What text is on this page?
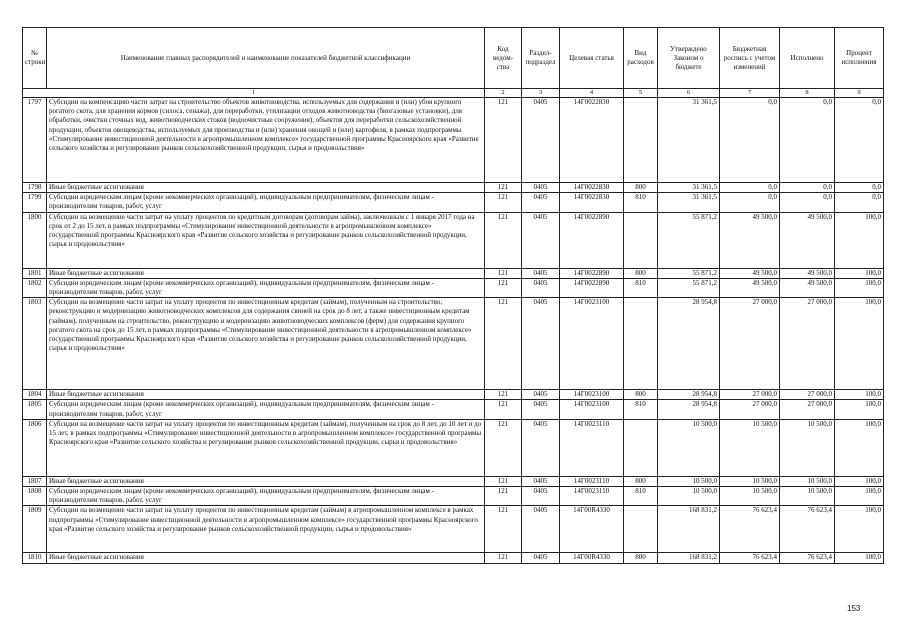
№ строки	Наименование главных распорядителей и наименование показателей бюджетной классификации	Код ведом-ства	Раздел-подраздел	Целевая статья	Вид расходов	Утверждено Законом о бюджете	Бюджетная роспись с учетом изменений	Исполнено	Процент исполнения
1		2	3	4	5	6	7	8	9
1797	Субсидии на компенсацию части затрат на строительство объектов животноводства, используемых для содержания и (или) убоя крупного рогатого скота, для хранения кормов (силоса, сенажа), для переработки, утилизации отходов животноводства (биогазовые установки), для обработки, очистки сточных вод, животноводческих стоков (водоочистные сооружения), объектов для переработки сельскохозяйственной продукции, объектов овощеводства, используемых для производства и (или) хранения овощей и (или) картофеля, в рамках подпрограммы «Стимулирование инвестиционной деятельности в агропромышленном комплексе» государственной программы Красноярского края «Развитие сельского хозяйства и регулирование рынков сельскохозяйственной продукции, сырья и продовольствия»	121	0405	14Г0022830		31 361,5	0,0	0,0	0,0
1798	Иные бюджетные ассигнования	121	0405	14Г0022830	800	31 361,5	0,0	0,0	0,0
1799	Субсидии юридическим лицам (кроме некоммерческих организаций), индивидуальным предпринимателям, физическим лицам - производителям товаров, работ, услуг	121	0405	14Г0022830	810	31 361,5	0,0	0,0	0,0
1800	Субсидии на возмещение части затрат на уплату процентов по кредитным договорам (договорам займа), заключенным с 1 января 2017 года на срок от 2 до 15 лет, в рамках подпрограммы «Стимулирование инвестиционной деятельности в агропромышленном комплексе» государственной программы Красноярского края «Развитие сельского хозяйства и регулирование рынков сельскохозяйственной продукции, сырья и продовольствия»	121	0405	14Г0022890		55 871,2	49 500,0	49 500,0	100,0
1801	Иные бюджетные ассигнования	121	0405	14Г0022890	800	55 871,2	49 500,0	49 500,0	100,0
1802	Субсидии юридическим лицам (кроме некоммерческих организаций), индивидуальным предпринимателям, физическим лицам - производителям товаров, работ, услуг	121	0405	14Г0022890	810	55 871,2	49 500,0	49 500,0	100,0
1803	Субсидии на возмещение части затрат на уплату процентов по инвестиционным кредитам (займам), полученным на строительство, реконструкцию и модернизацию животноводческих комплексов для содержания свиней на срок до 8 лет, а также инвестиционным кредитам (займам), полученным на строительство, реконструкцию и модернизацию животноводческих комплексов (ферм) для содержания крупного рогатого скота на срок до 15 лет, в рамках подпрограммы «Стимулирование инвестиционной деятельности в агропромышленном комплексе» государственной программы Красноярского края «Развитие сельского хозяйства и регулирование рынков сельскохозяйственной продукции, сырья и продовольствия»	121	0405	14Г0023100		28 954,8	27 000,0	27 000,0	100,0
1804	Иные бюджетные ассигнования	121	0405	14Г0023100	800	28 954,8	27 000,0	27 000,0	100,0
1805	Субсидии юридическим лицам (кроме некоммерческих организаций), индивидуальным предпринимателям, физическим лицам - производителям товаров, работ, услуг	121	0405	14Г0023100	810	28 954,8	27 000,0	27 000,0	100,0
1806	Субсидии на возмещение части затрат на уплату процентов по инвестиционным кредитам (займам), полученным на срок до 8 лет, до 10 лет и до 15 лет, в рамках подпрограммы «Стимулирование инвестиционной деятельности в агропромышленном комплексе» государственной программы Красноярского края «Развитие сельского хозяйства и регулирование рынков сельскохозяйственной продукции, сырья и продовольствия»	121	0405	14Г0023110		10 500,0	10 500,0	10 500,0	100,0
1807	Иные бюджетные ассигнования	121	0405	14Г0023110	800	10 500,0	10 500,0	10 500,0	100,0
1808	Субсидии юридическим лицам (кроме некоммерческих организаций), индивидуальным предпринимателям, физическим лицам - производителям товаров, работ, услуг	121	0405	14Г0023110	810	10 500,0	10 500,0	10 500,0	100,0
1809	Субсидии на возмещение части затрат на уплату процентов по инвестиционным кредитам (займам) в агропромышленном комплексе в рамках подпрограммы «Стимулирование инвестиционной деятельности в агропромышленном комплексе» государственной программы Красноярского края «Развитие сельского хозяйства и регулирование рынков сельскохозяйственной продукции, сырья и продовольствия»	121	0405	14Г00R4330		168 831,2	76 623,4	76 623,4	100,0
1810	Иные бюджетные ассигнования	121	0405	14Г00R4330	800	168 831,2	76 623,4	76 623,4	100,0
153
